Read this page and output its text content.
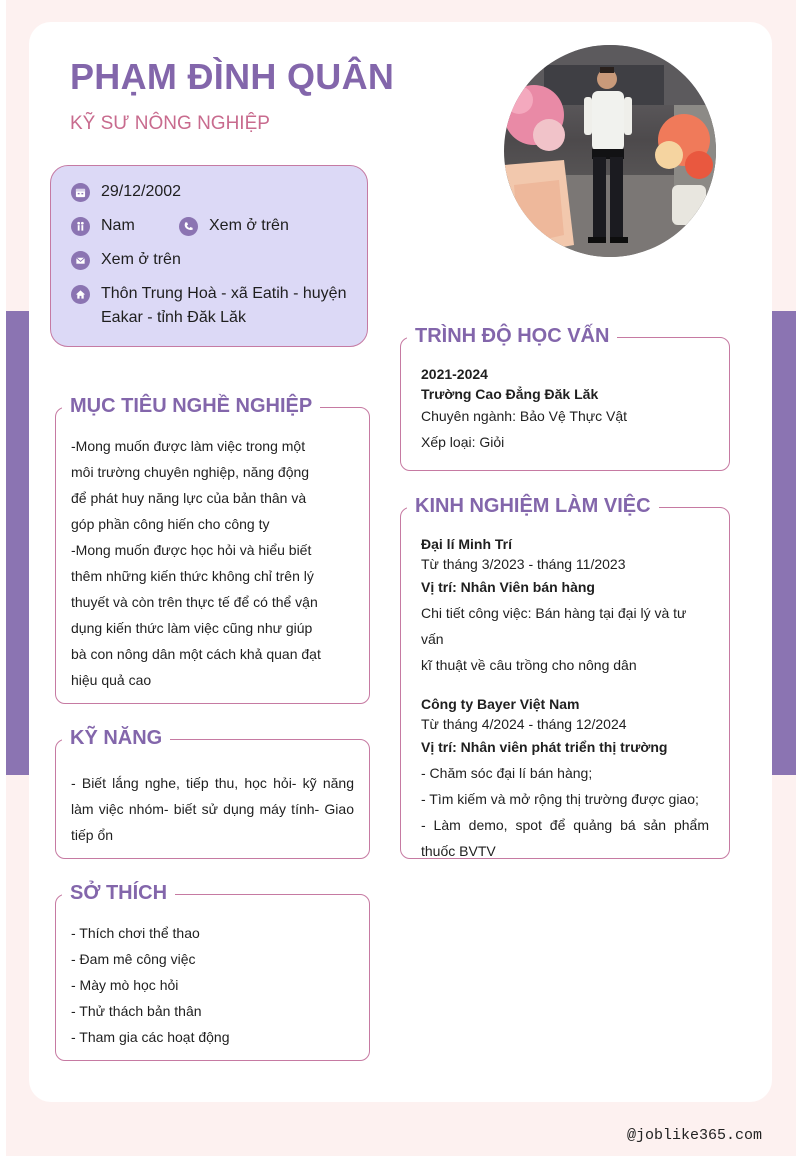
PHẠM ĐÌNH QUÂN
KỸ SƯ NÔNG NGHIỆP
29/12/2002
Nam	Xem ở trên
Xem ở trên
Thôn Trung Hoà - xã Eatih - huyện
Eakar - tỉnh Đăk Lăk
MỤC TIÊU NGHỀ NGHIỆP
-Mong muốn được làm việc trong một
môi trường chuyên nghiệp, năng động
để phát huy năng lực của bản thân và
góp phần công hiến cho công ty
-Mong muốn được học hỏi và hiểu biết
thêm những kiến thức không chỉ trên lý
thuyết và còn trên thực tế để có thể vận
dụng kiến thức làm việc cũng như giúp
bà con nông dân một cách khả quan đạt
hiệu quả cao
KỸ NĂNG
- Biết lắng nghe, tiếp thu, học hỏi- kỹ năng làm việc nhóm- biết sử dụng máy tính- Giao tiếp ổn
SỞ THÍCH
- Thích chơi thể thao
- Đam mê công việc
- Mày mò học hỏi
- Thử thách bản thân
- Tham gia các hoạt động
TRÌNH ĐỘ HỌC VẤN
2021-2024
Trường Cao Đẳng Đăk Lăk
Chuyên ngành: Bảo Vệ Thực Vật
Xếp loại: Giỏi
KINH NGHIỆM LÀM VIỆC
Đại lí Minh Trí
Từ tháng 3/2023 - tháng 11/2023
Vị trí: Nhân Viên bán hàng
Chi tiết công việc: Bán hàng tại đại lý và tư vấn
kĩ thuật về câu trồng cho nông dân
Công ty Bayer Việt Nam
Từ tháng 4/2024 - tháng 12/2024
Vị trí: Nhân viên phát triển thị trường
- Chăm sóc đại lí bán hàng;
- Tìm kiếm và mở rộng thị trường được giao;
- Làm demo, spot để quảng bá sản phẩm thuốc BVTV
@joblike365.com
